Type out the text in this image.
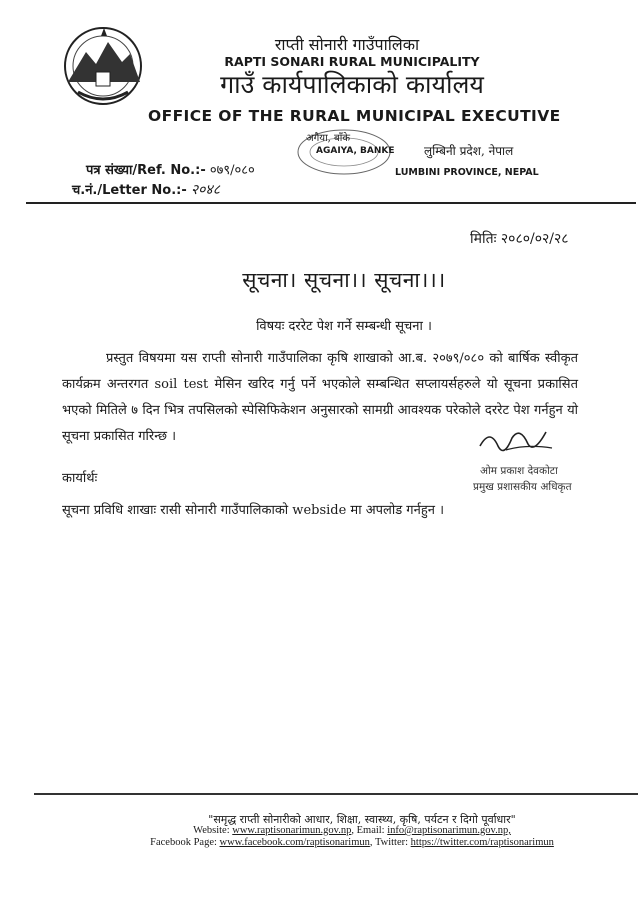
राप्ती सोनारी गाउँपालिका
RAPTI SONARI RURAL MUNICIPALITY
गाउँ कार्यपालिकाको कार्यालय
OFFICE OF THE RURAL MUNICIPAL EXECUTIVE
अगैया, बाँके
AGAIYA, BANKE लुम्बिनी प्रदेश, नेपाल
LUMBINI PROVINCE, NEPAL
पत्र संख्या/Ref. No.:- ०७९/०८०
च.नं./Letter No.:- २०४८
मितिः २०८०/०२/२८
सूचना। सूचना।। सूचना।।।
विषयः दररेट पेश गर्ने सम्बन्धी सूचना ।
प्रस्तुत विषयमा यस राप्ती सोनारी गाउँपालिका कृषि शाखाको आ.ब. २०७९/०८० को बार्षिक स्वीकृत कार्यक्रम अन्तरगत soil test मेसिन खरिद गर्नु पर्ने भएकोले सम्बन्धित सप्लायर्सहरुले यो सूचना प्रकासित भएको मितिले ७ दिन भित्र तपसिलको स्पेसिफिकेशन अनुसारको सामग्री आवश्यक परेकोले दररेट पेश गर्नहुन यो सूचना प्रकासित गरिन्छ ।
ओम प्रकाश देवकोटा
प्रमुख प्रशासकीय अधिकृत
कार्यार्थः
सूचना प्रविधि शाखाः रासी सोनारी गाउँपालिकाको webside मा अपलोड गर्नहुन ।
"समृद्ध राप्ती सोनारीको आधार, शिक्षा, स्वास्थ्य, कृषि, पर्यटन र दिगो पूर्वाधार"
Website: www.raptisonarimun.gov.np, Email: info@raptisonarimun.gov.np,
Facebook Page: www.facebook.com/raptisonarimun, Twitter: https://twitter.com/raptisonarimun
